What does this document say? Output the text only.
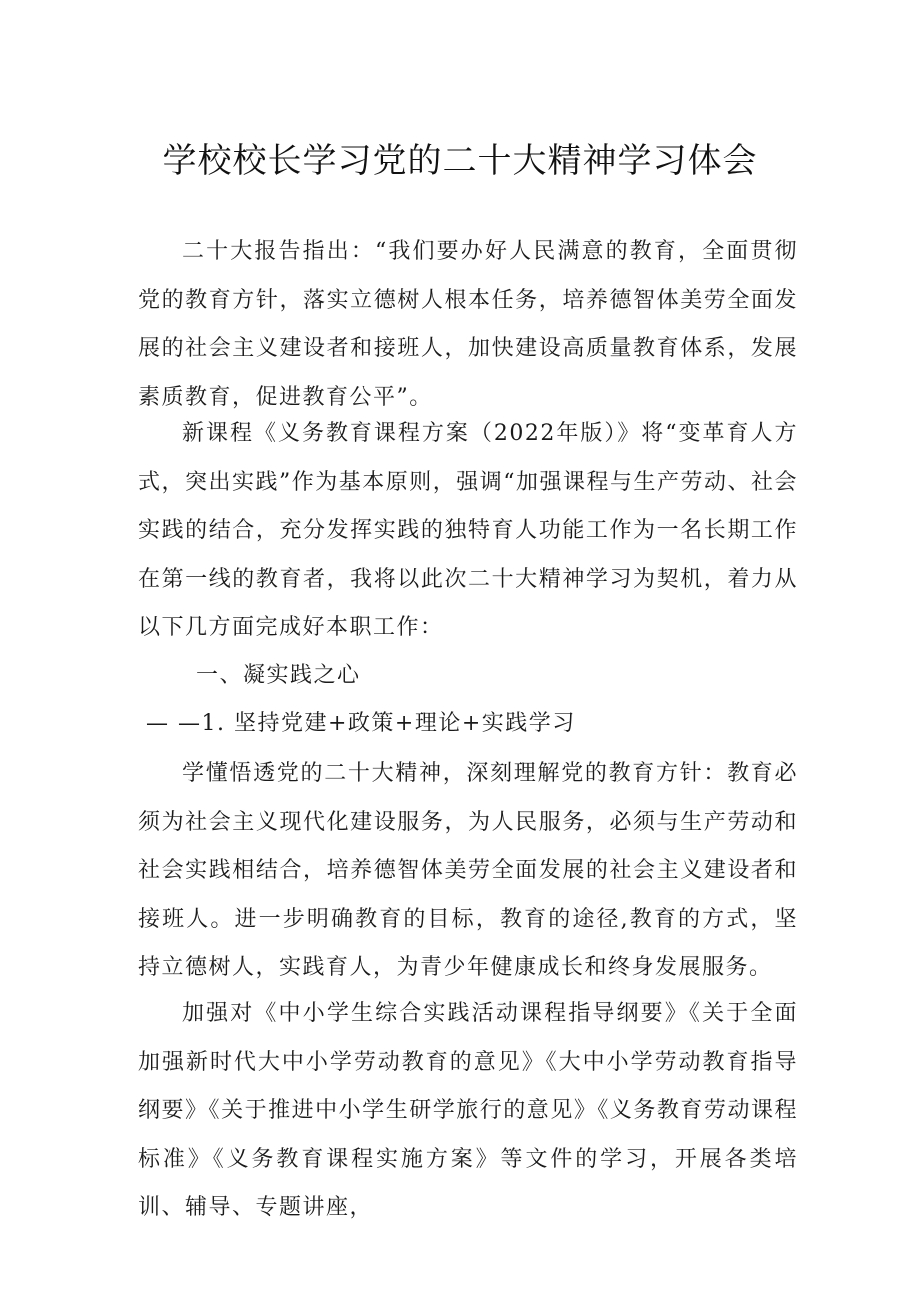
学校校长学习党的二十大精神学习体会

二十大报告指出：“我们要办好人民满意的教育，全面贯彻党的教育方针，落实立德树人根本任务，培养德智体美劳全面发展的社会主义建设者和接班人，加快建设高质量教育体系，发展素质教育，促进教育公平”。

新课程《义务教育课程方案（2022年版）》将“变革育人方式，突出实践”作为基本原则，强调“加强课程与生产劳动、社会实践的结合，充分发挥实践的独特育人功能工作为一名长期工作在第一线的教育者，我将以此次二十大精神学习为契机，着力从以下几方面完成好本职工作：

一、凝实践之心
— —1. 坚持党建+政策+理论+实践学习

学懂悟透党的二十大精神，深刻理解党的教育方针：教育必须为社会主义现代化建设服务，为人民服务，必须与生产劳动和社会实践相结合，培养德智体美劳全面发展的社会主义建设者和接班人。进一步明确教育的目标，教育的途径,教育的方式，坚持立德树人，实践育人，为青少年健康成长和终身发展服务。

加强对《中小学生综合实践活动课程指导纲要》《关于全面加强新时代大中小学劳动教育的意见》《大中小学劳动教育指导纲要》《关于推进中小学生研学旅行的意见》《义务教育劳动课程标准》《义务教育课程实施方案》等文件的学习，开展各类培训、辅导、专题讲座，
